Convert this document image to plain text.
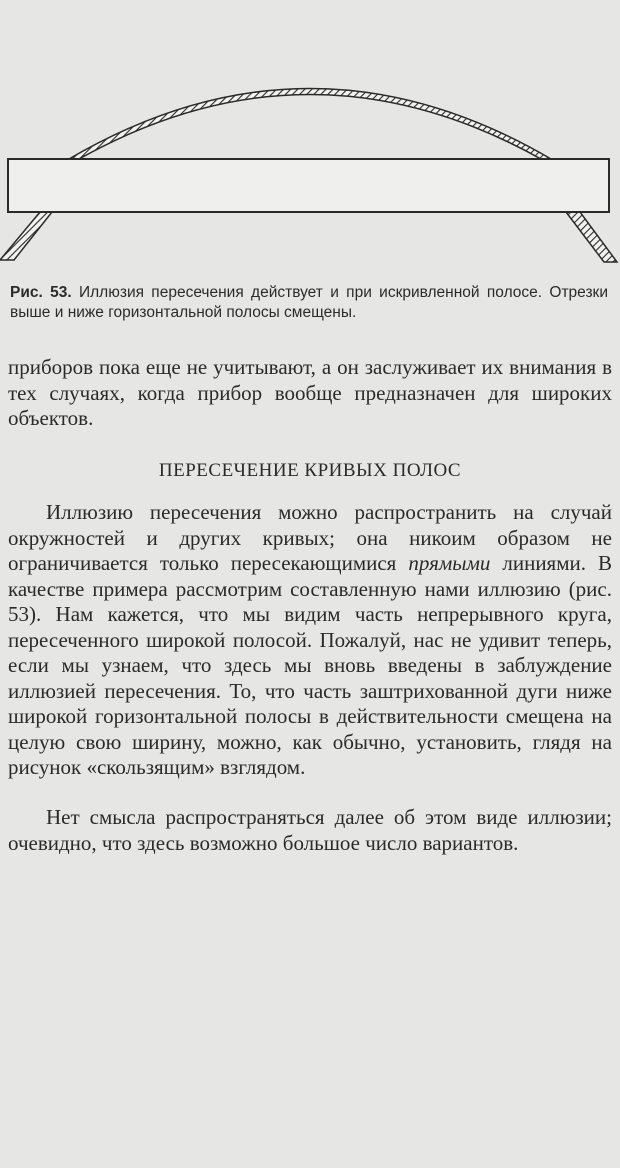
Рис. 53. Иллюзия пересечения действует и при искривленной полосе. Отрезки выше и ниже горизонтальной полосы смещены.
приборов пока еще не учитывают, а он заслуживает их внимания в тех случаях, когда прибор вообще предназначен для широких объектов.
ПЕРЕСЕЧЕНИЕ КРИВЫХ ПОЛОС
Иллюзию пересечения можно распространить на случай окружностей и других кривых; она никоим образом не ограничивается только пересекающимися прямыми линиями. В качестве примера рассмотрим составленную нами иллюзию (рис. 53). Нам кажется, что мы видим часть непрерывного круга, пересеченного широкой полосой. Пожалуй, нас не удивит теперь, если мы узнаем, что здесь мы вновь введены в заблуждение иллюзией пересечения. То, что часть заштрихованной дуги ниже широкой горизонтальной полосы в действительности смещена на целую свою ширину, можно, как обычно, установить, глядя на рисунок «скользящим» взглядом.
Нет смысла распространяться далее об этом виде иллюзии; очевидно, что здесь возможно большое число вариантов.
